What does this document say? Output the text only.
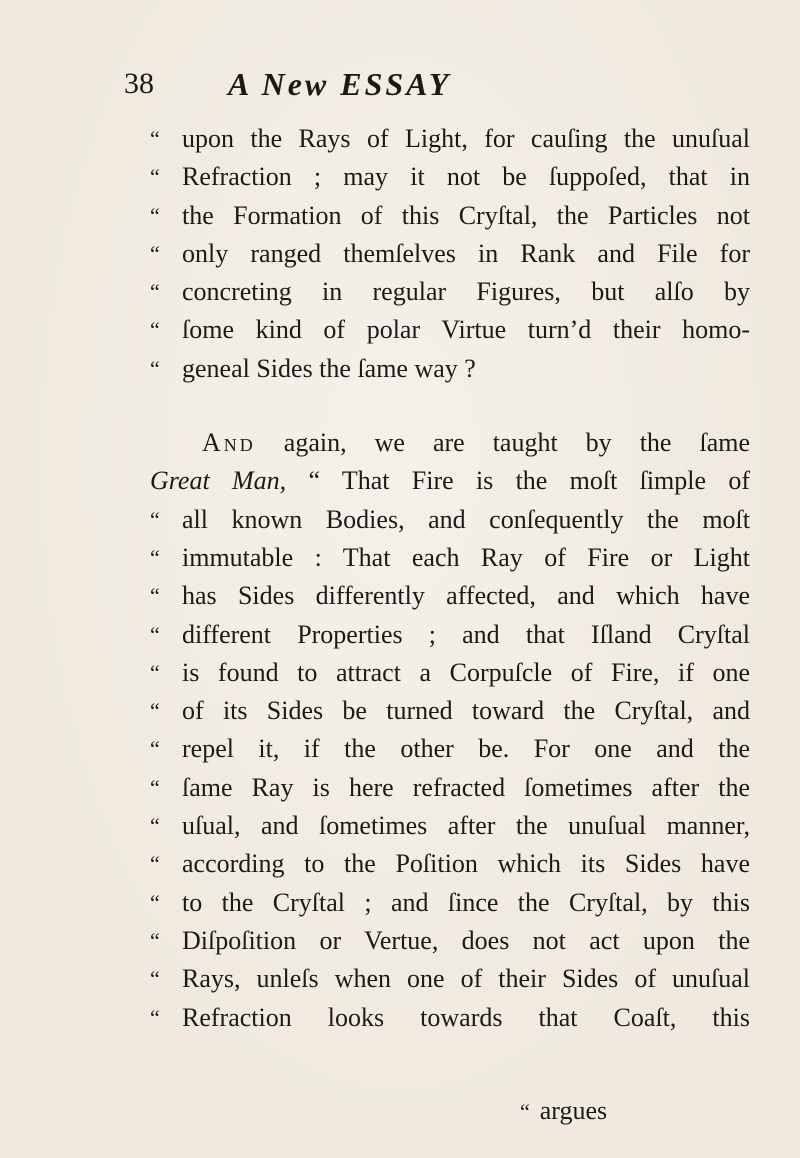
38 A New ESSAY
“ upon the Rays of Light, for cauſing the unuſual
“ Refraction ; may it not be ſuppoſed, that in
“ the Formation of this Cryſtal, the Particles not
“ only ranged themſelves in Rank and File for
“ concreting in regular Figures, but alſo by
“ ſome kind of polar Virtue turn’d their homo-
“ geneal Sides the ſame way ?
And again, we are taught by the ſame
Great Man, “ That Fire is the moſt ſimple of
“ all known Bodies, and conſequently the moſt
“ immutable : That each Ray of Fire or Light
“ has Sides differently affected, and which have
“ different Properties ; and that Iſland Cryſtal
“ is found to attract a Corpuſcle of Fire, if one
“ of its Sides be turned toward the Cryſtal, and
“ repel it, if the other be. For one and the
“ ſame Ray is here refracted ſometimes after the
“ uſual, and ſometimes after the unuſual manner,
“ according to the Poſition which its Sides have
“ to the Cryſtal ; and ſince the Cryſtal, by this
“ Diſpoſition or Vertue, does not act upon the
“ Rays, unleſs when one of their Sides of unuſual
“ Refraction looks towards that Coaſt, this
“ argues
